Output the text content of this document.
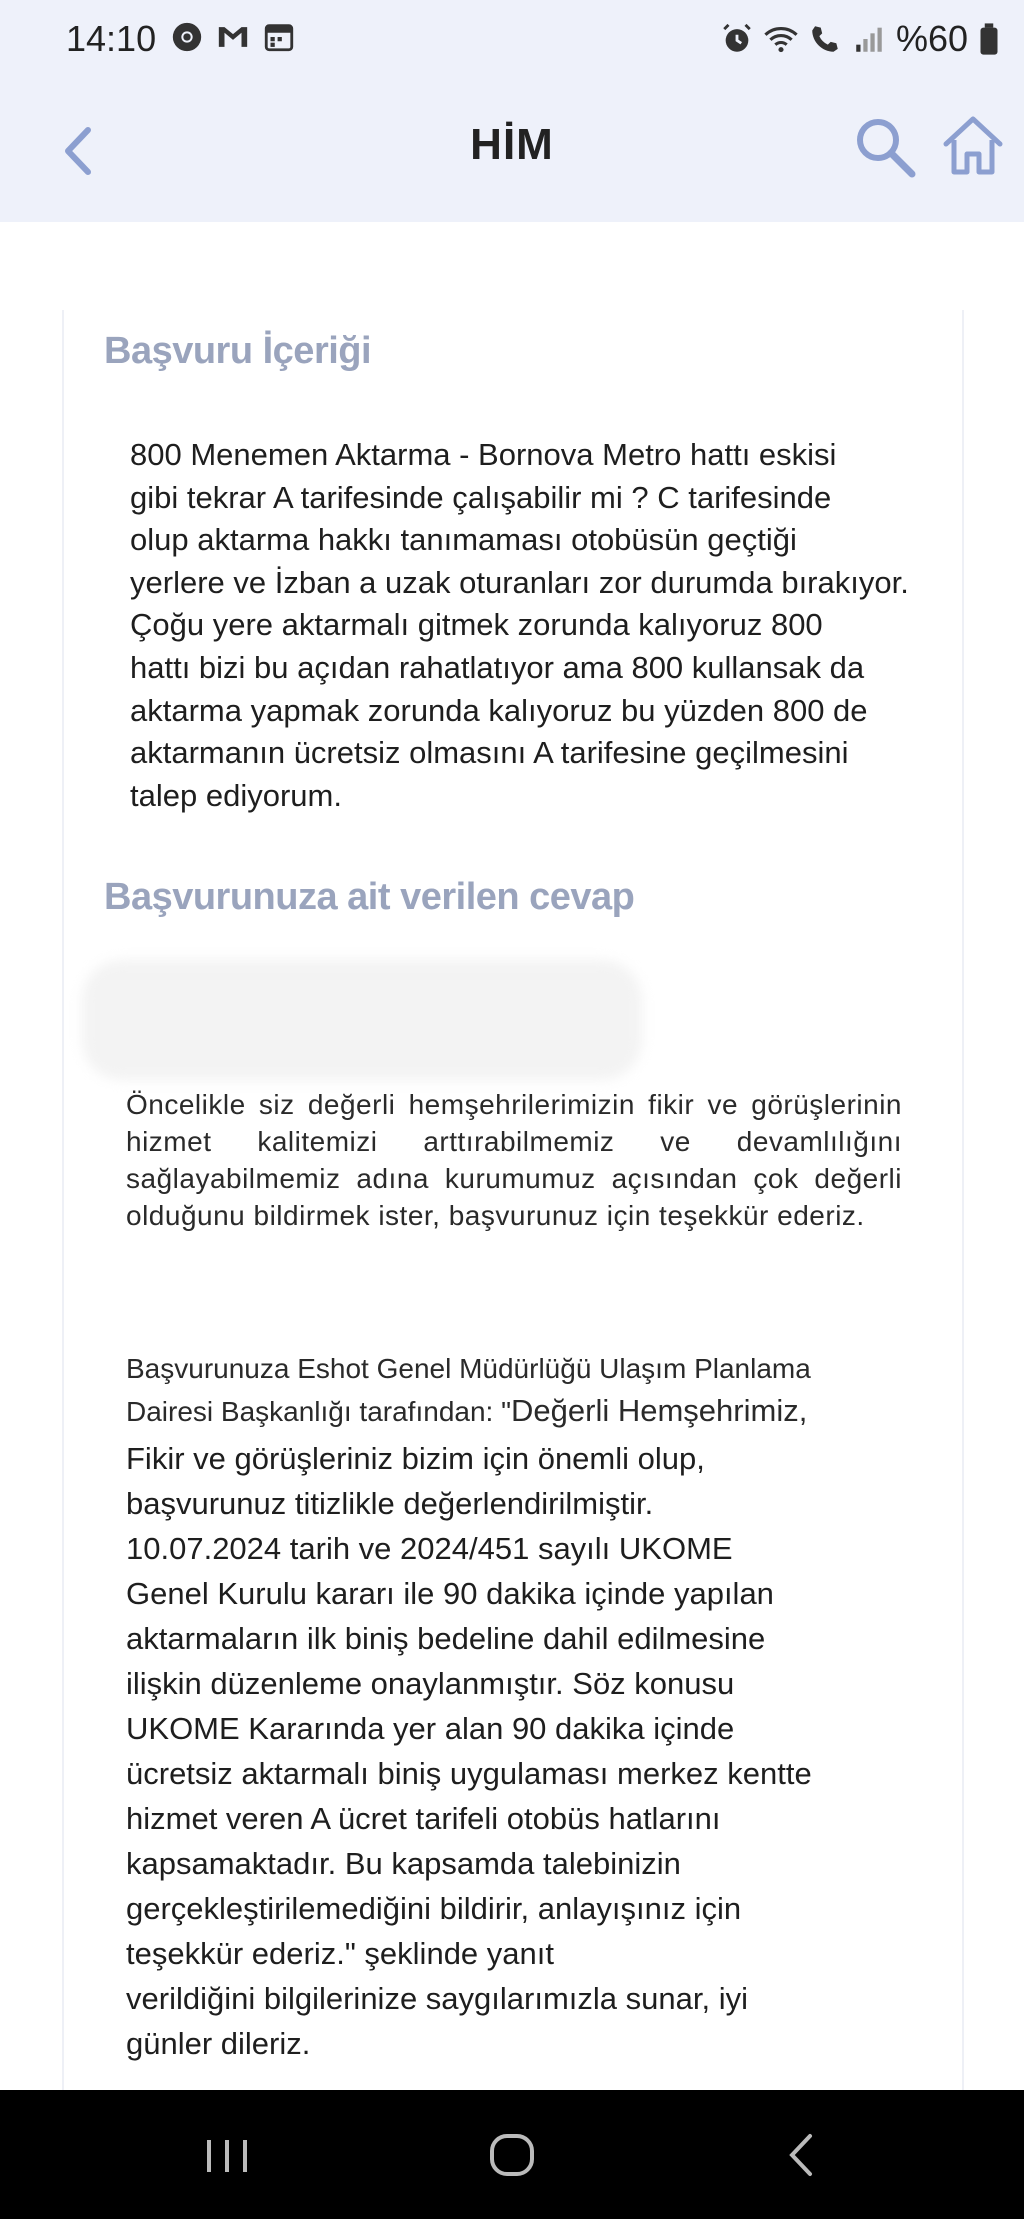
14:10	%60
HİM
Başvuru İçeriği
800 Menemen Aktarma - Bornova Metro hattı eskisi
gibi tekrar A tarifesinde çalışabilir mi ? C tarifesinde
olup aktarma hakkı tanımaması otobüsün geçtiği
yerlere ve İzban a uzak oturanları zor durumda bırakıyor.
Çoğu yere aktarmalı gitmek zorunda kalıyoruz 800
hattı bizi bu açıdan rahatlatıyor ama 800 kullansak da
aktarma yapmak zorunda kalıyoruz bu yüzden 800 de
aktarmanın ücretsiz olmasını A tarifesine geçilmesini
talep ediyorum.
Başvurunuza ait verilen cevap
Öncelikle siz değerli hemşehrilerimizin fikir ve görüşlerinin hizmet kalitemizi arttırabilmemiz ve devamlılığını sağlayabilmemiz adına kurumumuz açısından çok değerli olduğunu bildirmek ister, başvurunuz için teşekkür ederiz.
Başvurunuza Eshot Genel Müdürlüğü Ulaşım Planlama Dairesi Başkanlığı tarafından: "Değerli Hemşehrimiz,
Fikir ve görüşleriniz bizim için önemli olup,
başvurunuz titizlikle değerlendirilmiştir.
10.07.2024 tarih ve 2024/451 sayılı UKOME
Genel Kurulu kararı ile 90 dakika içinde yapılan
aktarmaların ilk biniş bedeline dahil edilmesine
ilişkin düzenleme onaylanmıştır. Söz konusu
UKOME Kararında yer alan 90 dakika içinde
ücretsiz aktarmalı biniş uygulaması merkez kentte
hizmet veren A ücret tarifeli otobüs hatlarını
kapsamaktadır. Bu kapsamda talebinizin
gerçekleştirilemediğini bildirir, anlayışınız için
teşekkür ederiz." şeklinde yanıt
verildiğini bilgilerinize saygılarımızla sunar, iyi
günler dileriz.
